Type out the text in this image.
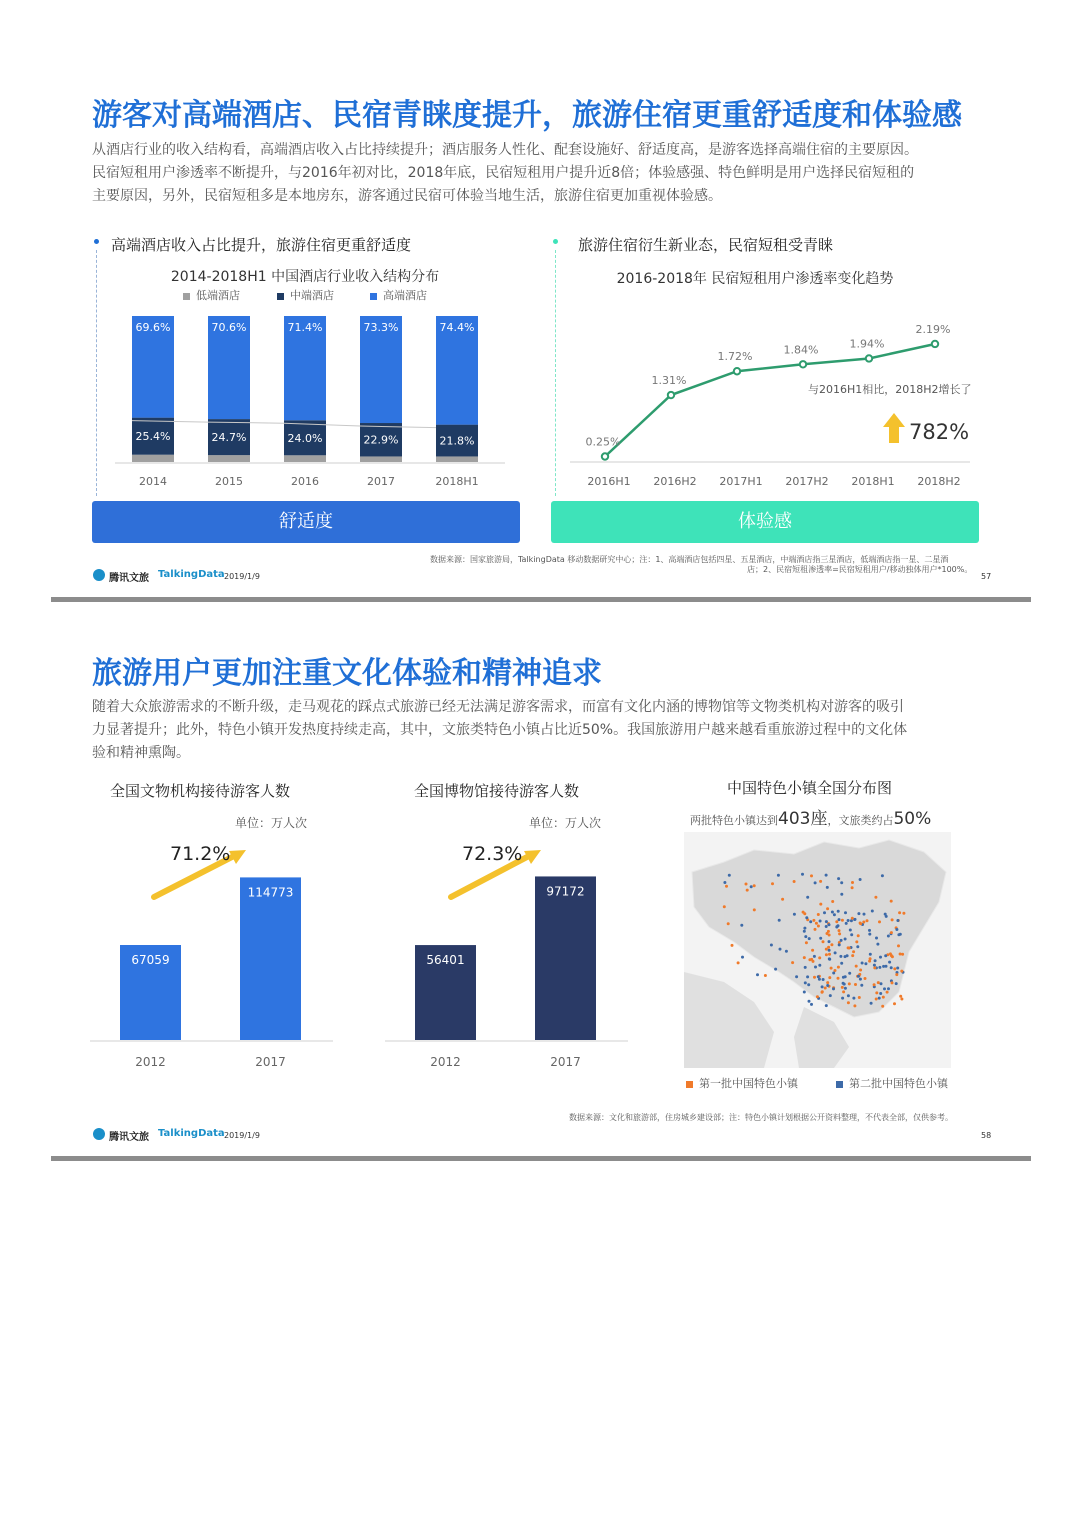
游客对高端酒店、民宿青睐度提升，旅游住宿更重舒适度和体验感
从酒店行业的收入结构看，高端酒店收入占比持续提升；酒店服务人性化、配套设施好、舒适度高，是游客选择高端住宿的主要原因。
民宿短租用户渗透率不断提升，与2016年初对比，2018年底，民宿短租用户提升近8倍；体验感强、特色鲜明是用户选择民宿短租的
主要原因，另外，民宿短租多是本地房东，游客通过民宿可体验当地生活，旅游住宿更加重视体验感。
高端酒店收入占比提升，旅游住宿更重舒适度
2014-2018H1 中国酒店行业收入结构分布
低端酒店	中端酒店	高端酒店
25.4%
69.6%
24.7%
70.6%
24.0%
71.4%
22.9%
73.3%
21.8%
74.4%
2014	2015	2016	2017	2018H1
旅游住宿衍生新业态，民宿短租受青睐
2016-2018年 民宿短租用户渗透率变化趋势
0.25%
1.31%
1.72%
1.84%	1.94%
2.19%
2016H1 2016H2 2017H1 2017H2 2018H1 2018H2
与2016H1相比，2018H2增长了
782%
舒适度	体验感
数据来源：国家旅游局，TalkingData 移动数据研究中心；注：1、高端酒店包括四星、五星酒店，中端酒店指三星酒店，低端酒店指一星、二星酒
店；2、民宿短租渗透率=民宿短租用户/移动独体用户*100%。
腾讯文旅 TalkingData 2019/1/9	57
旅游用户更加注重文化体验和精神追求
随着大众旅游需求的不断升级，走马观花的踩点式旅游已经无法满足游客需求，而富有文化内涵的博物馆等文物类机构对游客的吸引
力显著提升；此外，特色小镇开发热度持续走高，其中，文旅类特色小镇占比近50%。我国旅游用户越来越看重旅游过程中的文化体
验和精神熏陶。
全国文物机构接待游客人数
单位：万人次
67059
2012
114773
2017
71.2%
全国博物馆接待游客人数
单位：万人次
56401
2012
97172
2017
72.3%
中国特色小镇全国分布图
两批特色小镇达到403座，文旅类约占50%
第一批中国特色小镇	第二批中国特色小镇
数据来源：文化和旅游部，住房城乡建设部；注：特色小镇计划根据公开资料整理，不代表全部，仅供参考。
腾讯文旅 TalkingData 2019/1/9	58
